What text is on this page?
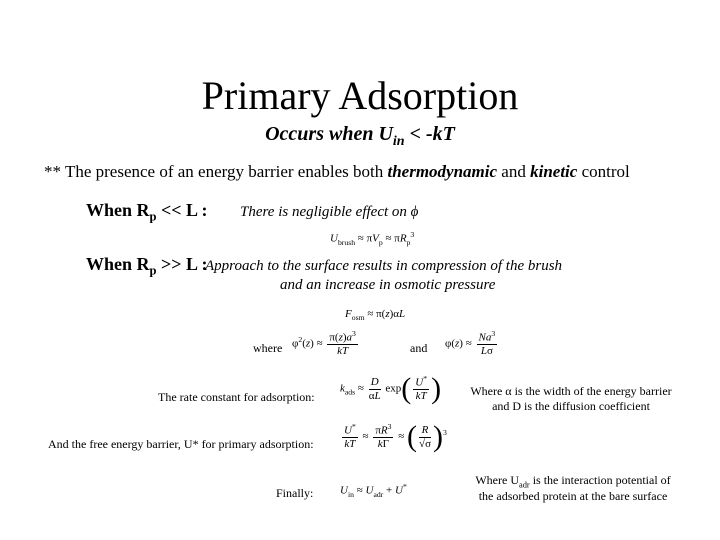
Primary Adsorption
Occurs when $U_{in} < -kT$
** The presence of an energy barrier enables both thermodynamic and kinetic control
When $R_p << L$ : There is negligible effect on ϕ
$U_{brush} \approx \pi V_p \approx \pi R_p^3$
When $R_p >> L$ :
Approach to the surface results in compression of the brush
and an increase in osmotic pressure
$F_{osm} \approx \pi(z)\alpha L$
where $\varphi^2(z) \approx \frac{\pi(z)a^3}{kT}$	and $\varphi(z) \approx \frac{Na^3}{L\sigma}$
The rate constant for adsorption:
$k_{ads} \approx \frac{D}{\alpha L} \exp( \frac{U^*}{kT}$ ) Where α is the width of the energy barrier
and D is the diffusion coefficient
And the free energy barrier, U* for primary adsorption:	$\frac{U^*}{kT} \approx \frac{\pi R^3}{k\Gamma}$ ≈ ( $\frac{R}{√\sigma} )^3$
Finally: $U_{in} \approx U_{adr} + U^*$	Where $U_{adr}$ is the interaction potential of
the adsorbed protein at the bare surface
